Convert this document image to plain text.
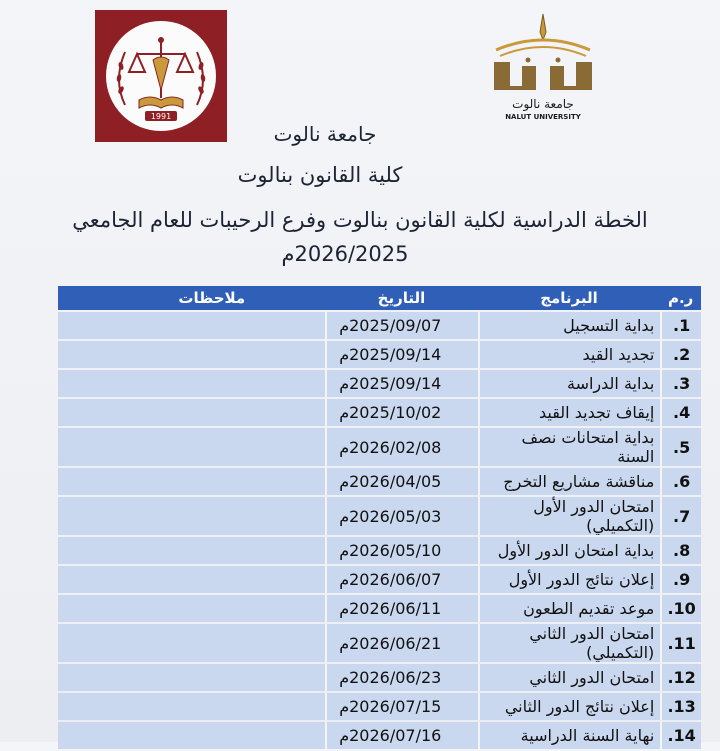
1991
جامعة نالوت
NALUT UNIVERSITY
جامعة نالوت
كلية القانون بنالوت
الخطة الدراسية لكلية القانون بنالوت وفرع الرحيبات للعام الجامعي
2026/2025م
ر.م	البرنامج	التاريخ	ملاحظات
1.	بداية التسجيل	2025/09/07م	
2.	تجديد القيد	2025/09/14م	
3.	بداية الدراسة	2025/09/14م	
4.	إيقاف تجديد القيد	2025/10/02م	
5.	بداية امتحانات نصف السنة	2026/02/08م	
6.	مناقشة مشاريع التخرج	2026/04/05م	
7.	امتحان الدور الأول (التكميلي)	2026/05/03م	
8.	بداية امتحان الدور الأول	2026/05/10م	
9.	إعلان نتائج الدور الأول	2026/06/07م	
10.	موعد تقديم الطعون	2026/06/11م	
11.	امتحان الدور الثاني (التكميلي)	2026/06/21م	
12.	امتحان الدور الثاني	2026/06/23م	
13.	إعلان نتائج الدور الثاني	2026/07/15م	
14.	نهاية السنة الدراسية	2026/07/16م	
